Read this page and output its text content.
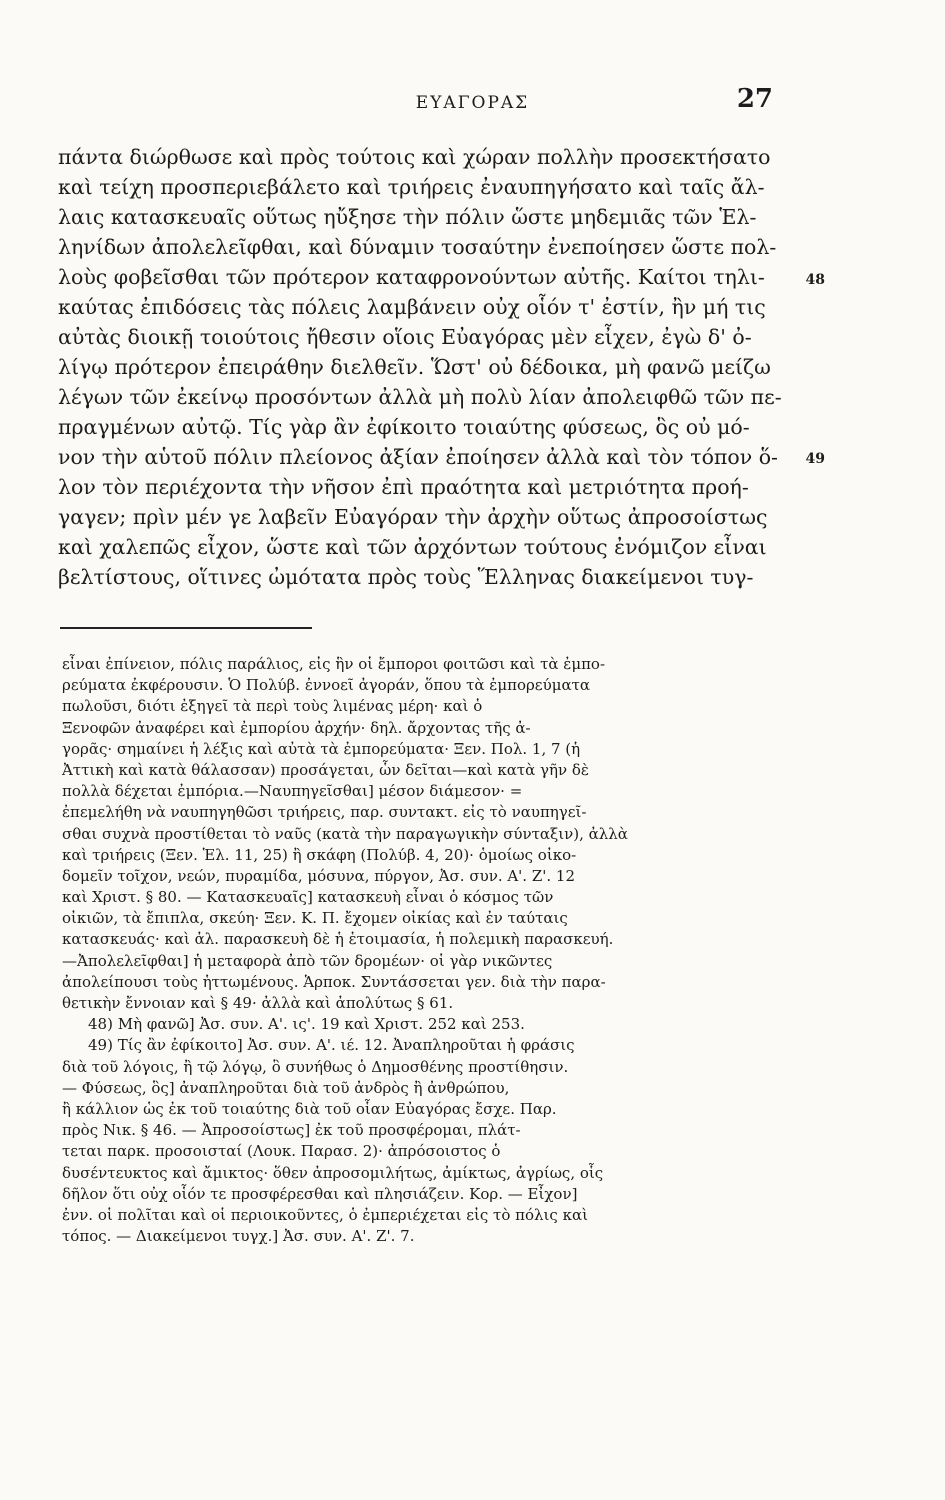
ΕΥΑΓΟΡΑΣ	27
πάντα διώρθωσε καὶ πρὸς τούτοις καὶ χώραν πολλὴν προσεκτήσατο
καὶ τείχη προσπεριεβάλετο καὶ τριήρεις ἐναυπηγήσατο καὶ ταῖς ἄλ-
λαις κατασκευαῖς οὕτως ηὔξησε τὴν πόλιν ὥστε μηδεμιᾶς τῶν Ἑλ-
ληνίδων ἀπολελεῖφθαι, καὶ δύναμιν τοσαύτην ἐνεποίησεν ὥστε πολ-
λοὺς φοβεῖσθαι τῶν πρότερον καταφρονούντων αὐτῆς. Καίτοι τηλι-
καύτας ἐπιδόσεις τὰς πόλεις λαμβάνειν οὐχ οἷόν τ' ἐστίν, ἢν μή τις
αὐτὰς διοικῇ τοιούτοις ἤθεσιν οἵοις Εὐαγόρας μὲν εἶχεν, ἐγὼ δ' ὀ-
λίγῳ πρότερον ἐπειράθην διελθεῖν. Ὥστ' οὐ δέδοικα, μὴ φανῶ μείζω
λέγων τῶν ἐκείνῳ προσόντων ἀλλὰ μὴ πολὺ λίαν ἀπολειφθῶ τῶν πε-
πραγμένων αὐτῷ. Τίς γὰρ ἂν ἐφίκοιτο τοιαύτης φύσεως, ὃς οὐ μό-
νον τὴν αὑτοῦ πόλιν πλείονος ἀξίαν ἐποίησεν ἀλλὰ καὶ τὸν τόπον ὅ-
λον τὸν περιέχοντα τὴν νῆσον ἐπὶ πραότητα καὶ μετριότητα προή-
γαγεν; πρὶν μέν γε λαβεῖν Εὐαγόραν τὴν ἀρχὴν οὕτως ἀπροσοίστως
καὶ χαλεπῶς εἶχον, ὥστε καὶ τῶν ἀρχόντων τούτους ἐνόμιζον εἶναι
βελτίστους, οἵτινες ὠμότατα πρὸς τοὺς Ἕλληνας διακείμενοι τυγ-
48
49
εἶναι ἐπίνειον, πόλις παράλιος, εἰς ἣν οἱ ἔμποροι φοιτῶσι καὶ τὰ ἐμπο-
ρεύματα ἐκφέρουσιν. Ὁ Πολύβ. ἐννοεῖ ἀγοράν, ὅπου τὰ ἐμπορεύματα
πωλοῦσι, διότι ἐξηγεῖ τὰ περὶ τοὺς λιμένας μέρη· καὶ ὁ
Ξενοφῶν ἀναφέρει καὶ ἐμπορίου ἀρχήν· δηλ. ἄρχοντας τῆς ἀ-
γορᾶς· σημαίνει ἡ λέξις καὶ αὐτὰ τὰ ἐμπορεύματα· Ξεν. Πολ. 1, 7 (ἡ
Ἀττικὴ καὶ κατὰ θάλασσαν) προσάγεται, ὧν δεῖται—καὶ κατὰ γῆν δὲ
πολλὰ δέχεται ἐμπόρια.—Ναυπηγεῖσθαι] μέσον διάμεσον· =
ἐπεμελήθη νὰ ναυπηγηθῶσι τριήρεις, παρ. συντακτ. εἰς τὸ ναυπηγεῖ-
σθαι συχνὰ προστίθεται τὸ ναῦς (κατὰ τὴν παραγωγικὴν σύνταξιν), ἀλλὰ
καὶ τριήρεις (Ξεν. Ἑλ. 11, 25) ἢ σκάφη (Πολύβ. 4, 20)· ὁμοίως οἰκο-
δομεῖν τοῖχον, νεών, πυραμίδα, μόσυνα, πύργον, Ἀσ. συν. Α'. Ζ'. 12
καὶ Χριστ. § 80. — Κατασκευαῖς] κατασκευὴ εἶναι ὁ κόσμος τῶν
οἰκιῶν, τὰ ἔπιπλα, σκεύη· Ξεν. Κ. Π. ἔχομεν οἰκίας καὶ ἐν ταύταις
κατασκευάς· καὶ ἀλ. παρασκευὴ δὲ ἡ ἑτοιμασία, ἡ πολεμικὴ παρασκευή.
—Ἀπολελεῖφθαι] ἡ μεταφορὰ ἀπὸ τῶν δρομέων· οἱ γὰρ νικῶντες
ἀπολείπουσι τοὺς ἡττωμένους. Ἁρποκ. Συντάσσεται γεν. διὰ τὴν παρα-
θετικὴν ἔννοιαν καὶ § 49· ἀλλὰ καὶ ἀπολύτως § 61.
48) Μὴ φανῶ] Ἀσ. συν. Α'. ις'. 19 καὶ Χριστ. 252 καὶ 253.
49) Τίς ἂν ἐφίκοιτο] Ἀσ. συν. Α'. ιέ. 12. Ἀναπληροῦται ἡ φράσις
διὰ τοῦ λόγοις, ἢ τῷ λόγῳ, ὃ συνήθως ὁ Δημοσθένης προστίθησιν.
— Φύσεως, ὃς] ἀναπληροῦται διὰ τοῦ ἀνδρὸς ἢ ἀνθρώπου,
ἢ κάλλιον ὡς ἐκ τοῦ τοιαύτης διὰ τοῦ οἷαν Εὐαγόρας ἔσχε. Παρ.
πρὸς Νικ. § 46. — Ἀπροσοίστως] ἐκ τοῦ προσφέρομαι, πλάτ-
τεται παρκ. προσοισταί (Λουκ. Παρασ. 2)· ἀπρόσοιστος ὁ
δυσέντευκτος καὶ ἄμικτος· ὅθεν ἀπροσομιλήτως, ἀμίκτως, ἀγρίως, οἷς
δῆλον ὅτι οὐχ οἷόν τε προσφέρεσθαι καὶ πλησιάζειν. Κορ. — Εἶχον]
ἐνν. οἱ πολῖται καὶ οἱ περιοικοῦντες, ὁ ἐμπεριέχεται εἰς τὸ πόλις καὶ
τόπος. — Διακείμενοι τυγχ.] Ἀσ. συν. Α'. Ζ'. 7.
